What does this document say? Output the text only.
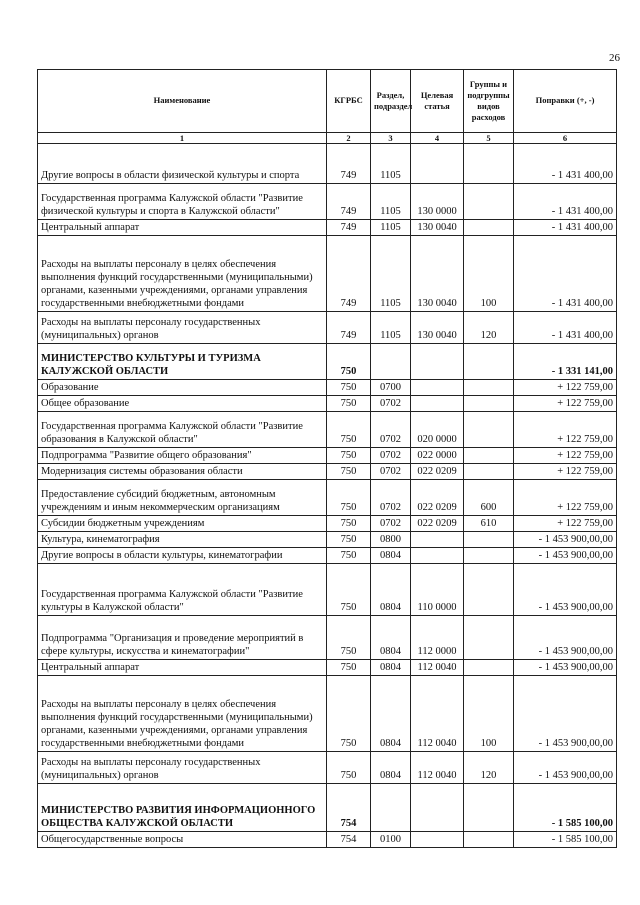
26
Наименование	КГРБС	Раздел, подраздел	Целевая статья	Группы и подгруппы видов расходов	Поправки (+, -)
1	2	3	4	5	6
Другие вопросы в области физической культуры и спорта	749	1105			- 1 431 400,00
Государственная программа Калужской области "Развитие физической культуры и спорта в Калужской области"	749	1105	130 0000		- 1 431 400,00
Центральный аппарат	749	1105	130 0040		- 1 431 400,00
Расходы на выплаты персоналу в целях обеспечения выполнения функций государственными (муниципальными) органами, казенными учреждениями, органами управления государственными внебюджетными фондами	749	1105	130 0040	100	- 1 431 400,00
Расходы на выплаты персоналу государственных (муниципальных) органов	749	1105	130 0040	120	- 1 431 400,00
МИНИСТЕРСТВО КУЛЬТУРЫ И ТУРИЗМА КАЛУЖСКОЙ ОБЛАСТИ	750				- 1 331 141,00
Образование	750	0700			+ 122 759,00
Общее образование	750	0702			+ 122 759,00
Государственная программа Калужской области "Развитие образования в Калужской области"	750	0702	020 0000		+ 122 759,00
Подпрограмма "Развитие общего образования"	750	0702	022 0000		+ 122 759,00
Модернизация системы образования области	750	0702	022 0209		+ 122 759,00
Предоставление субсидий бюджетным, автономным учреждениям и иным некоммерческим организациям	750	0702	022 0209	600	+ 122 759,00
Субсидии бюджетным учреждениям	750	0702	022 0209	610	+ 122 759,00
Культура, кинематография	750	0800			- 1 453 900,00,00
Другие вопросы в области культуры, кинематографии	750	0804			- 1 453 900,00,00
Государственная программа Калужской области "Развитие культуры в Калужской области"	750	0804	110 0000		- 1 453 900,00,00
Подпрограмма "Организация и проведение мероприятий в сфере культуры, искусства и кинематографии"	750	0804	112 0000		- 1 453 900,00,00
Центральный аппарат	750	0804	112 0040		- 1 453 900,00,00
Расходы на выплаты персоналу в целях обеспечения выполнения функций государственными (муниципальными) органами, казенными учреждениями, органами управления государственными внебюджетными фондами	750	0804	112 0040	100	- 1 453 900,00,00
Расходы на выплаты персоналу государственных (муниципальных) органов	750	0804	112 0040	120	- 1 453 900,00,00
МИНИСТЕРСТВО РАЗВИТИЯ ИНФОРМАЦИОННОГО ОБЩЕСТВА КАЛУЖСКОЙ ОБЛАСТИ	754				- 1 585 100,00
Общегосударственные вопросы	754	0100			- 1 585 100,00
